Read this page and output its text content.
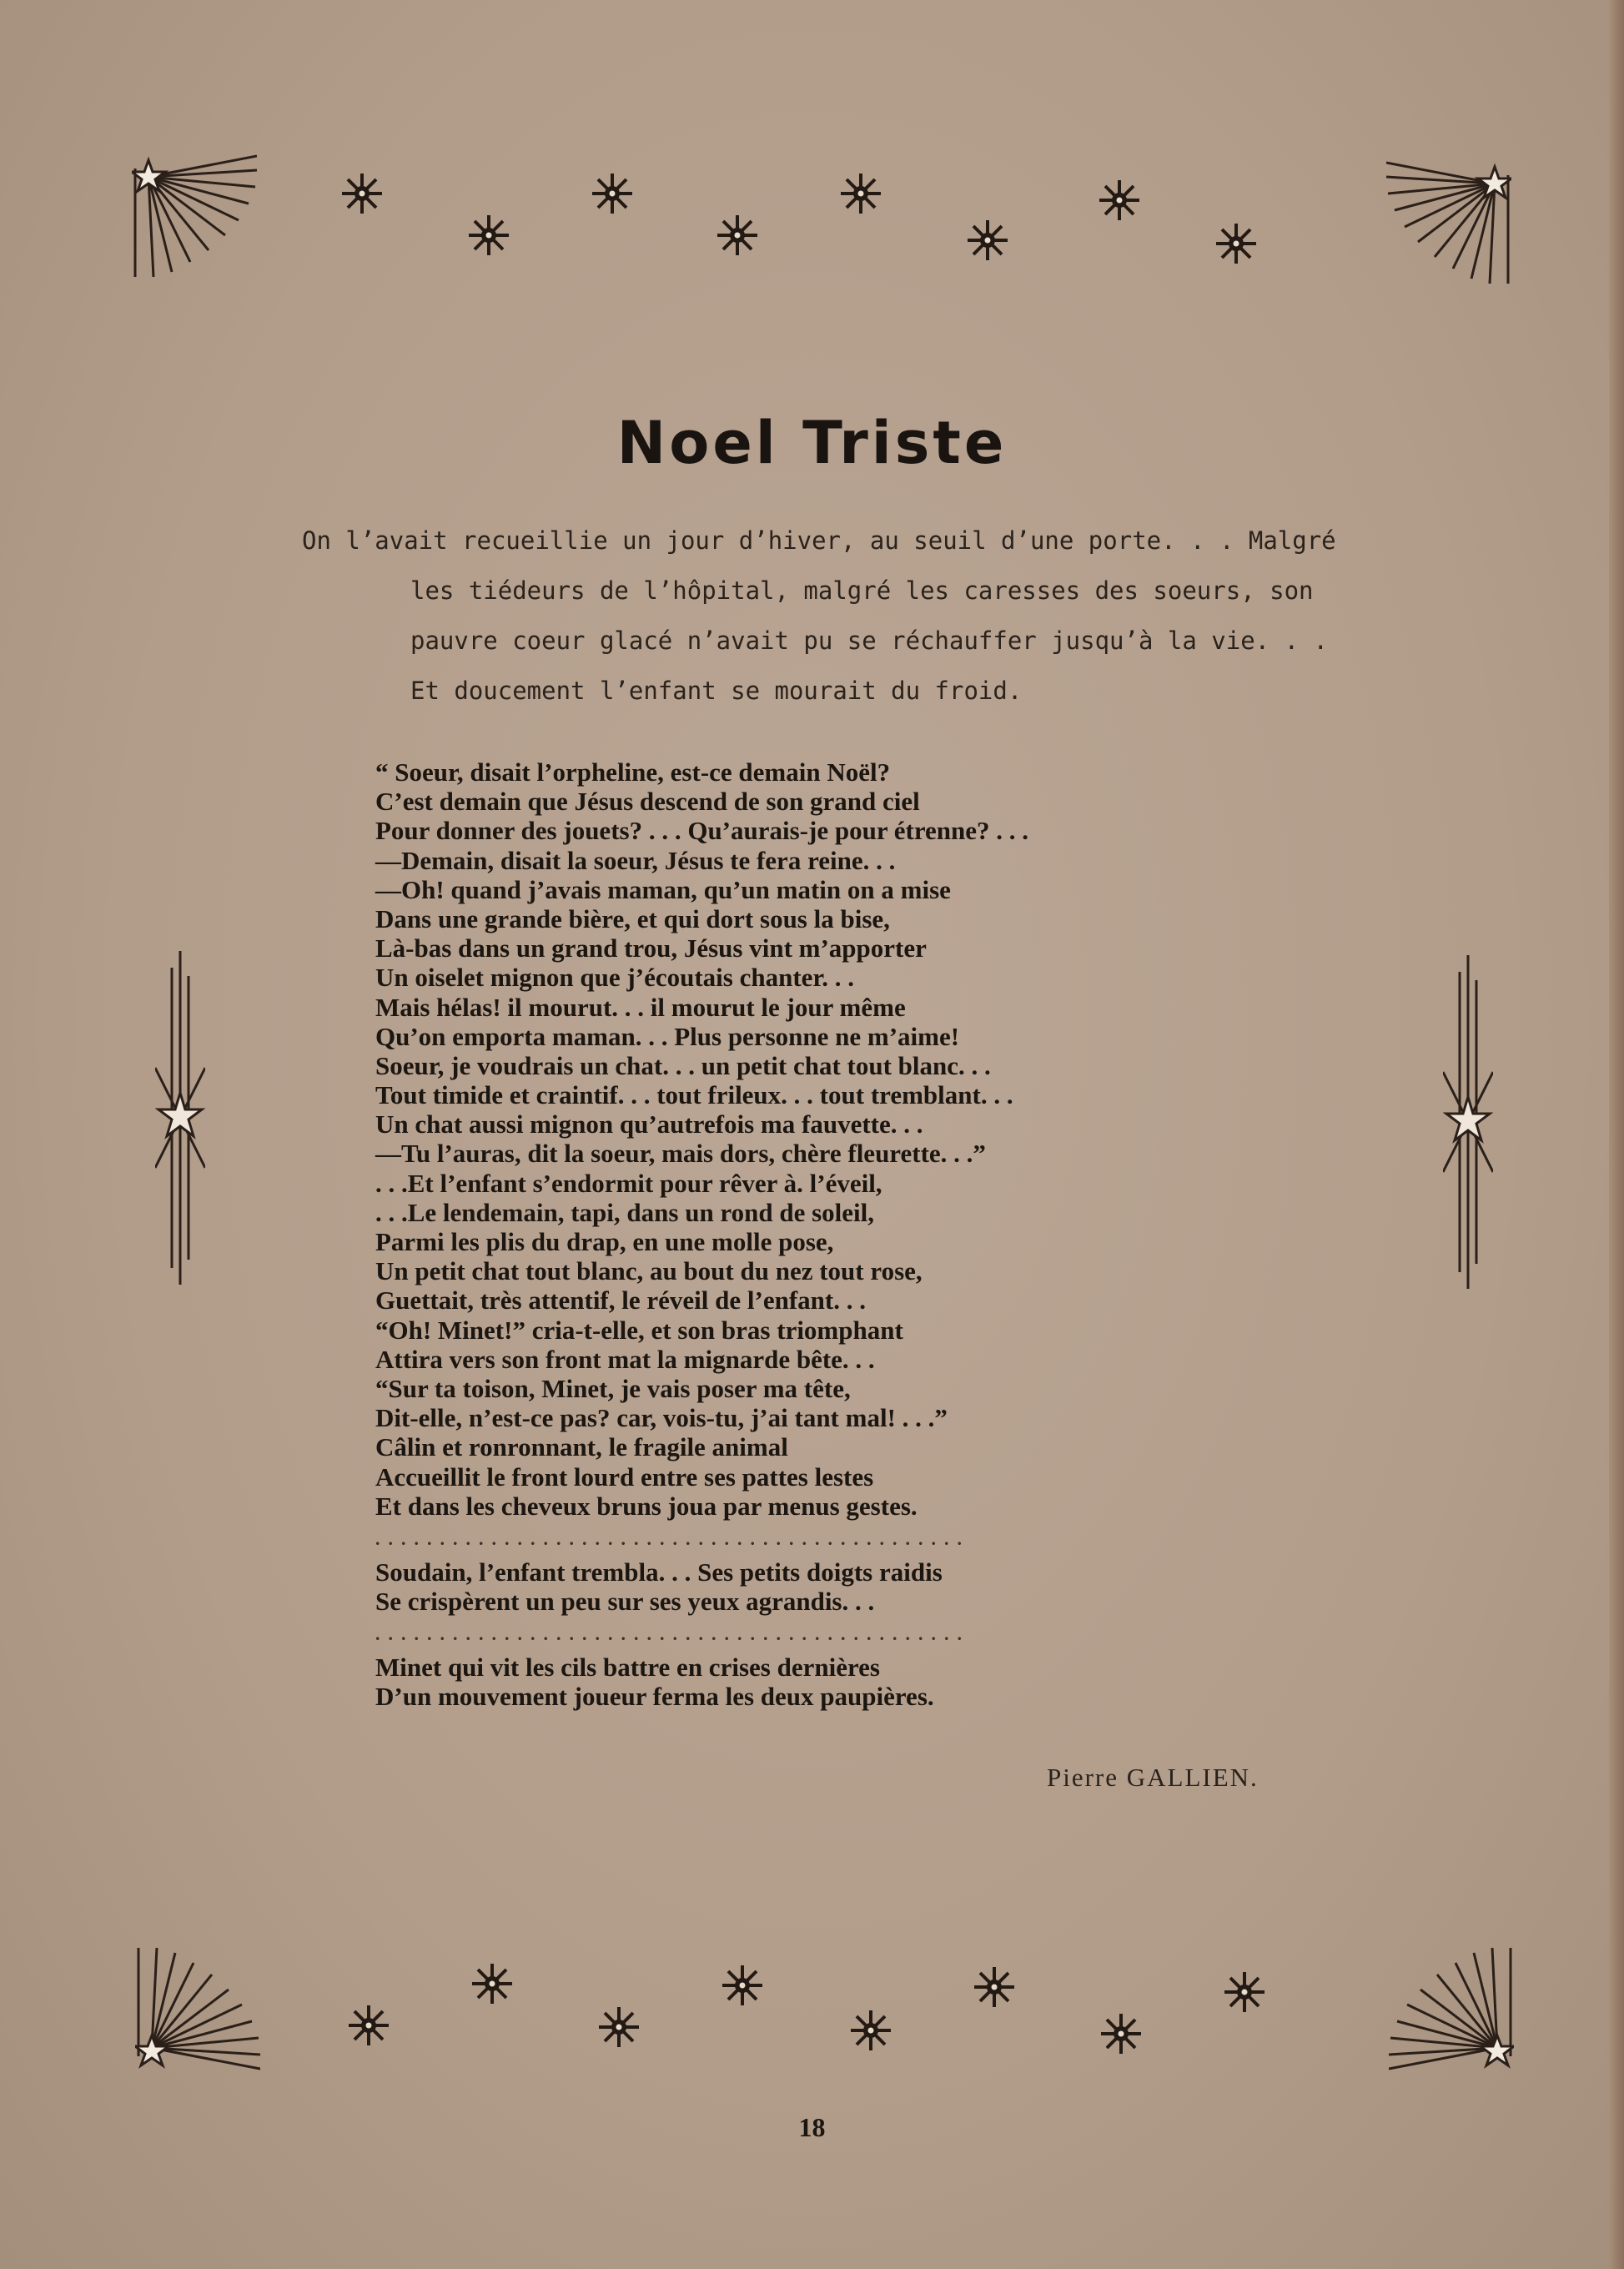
Noel Triste
On l’avait recueillie un jour d’hiver, au seuil d’une porte. . . Malgré
les tiédeurs de l’hôpital, malgré les caresses des soeurs, son
pauvre coeur glacé n’avait pu se réchauffer jusqu’à la vie. . .
Et doucement l’enfant se mourait du froid.
“ Soeur, disait l’orpheline, est-ce demain Noël?
C’est demain que Jésus descend de son grand ciel
Pour donner des jouets? . . . Qu’aurais-je pour étrenne? . . .
—Demain, disait la soeur, Jésus te fera reine. . .
—Oh! quand j’avais maman, qu’un matin on a mise
Dans une grande bière, et qui dort sous la bise,
Là-bas dans un grand trou, Jésus vint m’apporter
Un oiselet mignon que j’écoutais chanter. . .
Mais hélas! il mourut. . . il mourut le jour même
Qu’on emporta maman. . . Plus personne ne m’aime!
Soeur, je voudrais un chat. . . un petit chat tout blanc. . .
Tout timide et craintif. . . tout frileux. . . tout tremblant. . .
Un chat aussi mignon qu’autrefois ma fauvette. . .
—Tu l’auras, dit la soeur, mais dors, chère fleurette. . .”
. . .Et l’enfant s’endormit pour rêver à. l’éveil,
. . .Le lendemain, tapi, dans un rond de soleil,
Parmi les plis du drap, en une molle pose,
Un petit chat tout blanc, au bout du nez tout rose,
Guettait, très attentif, le réveil de l’enfant. . .
“Oh! Minet!” cria-t-elle, et son bras triomphant
Attira vers son front mat la mignarde bête. . .
“Sur ta toison, Minet, je vais poser ma tête,
Dit-elle, n’est-ce pas? car, vois-tu, j’ai tant mal! . . .”
Câlin et ronronnant, le fragile animal
Accueillit le front lourd entre ses pattes lestes
Et dans les cheveux bruns joua par menus gestes.
..............................................
Soudain, l’enfant trembla. . . Ses petits doigts raidis
Se crispèrent un peu sur ses yeux agrandis. . .
..............................................
Minet qui vit les cils battre en crises dernières
D’un mouvement joueur ferma les deux paupières.
Pierre GALLIEN.
18
